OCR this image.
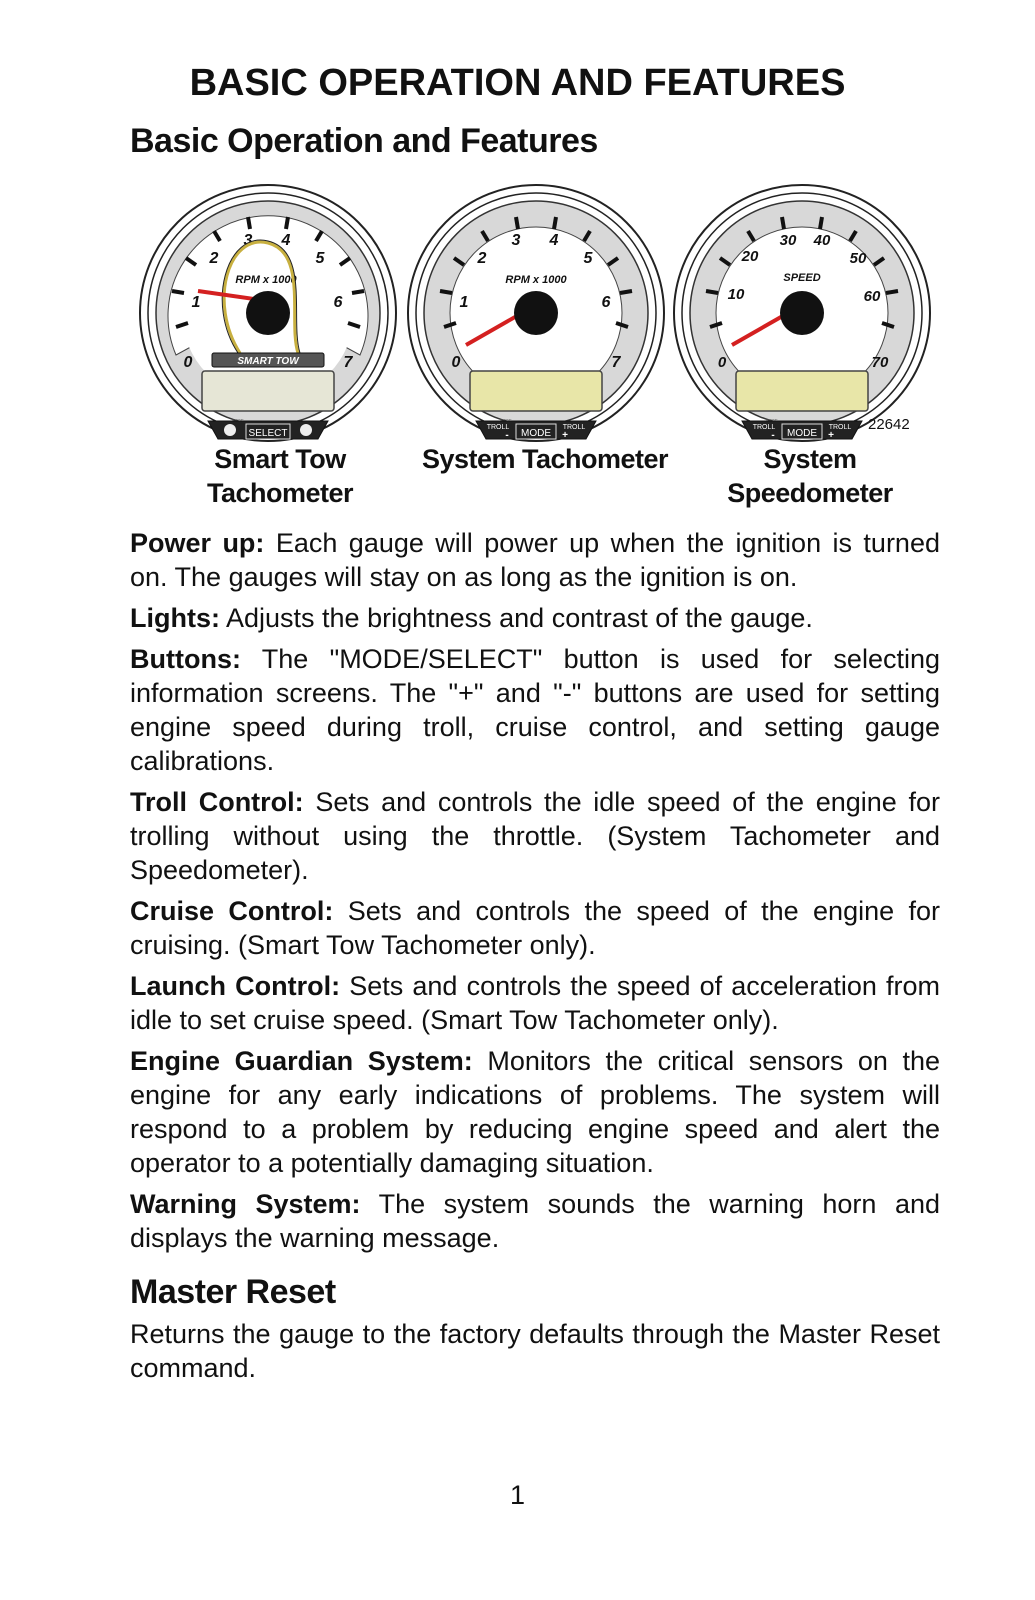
BASIC OPERATION AND FEATURES
Basic Operation and Features
0
1
2
3 4
5
6
7
RPM x 1000
SMART TOW
SELECT
0
1
2
3 4
5
6
7
RPM x 1000
MODE
TROLL
-
TROLL
+
0
10
20
30 40
50
60
70
SPEED
MODE
TROLL
-
TROLL
+
22642
Smart Tow
Tachometer
System Tachometer	System
Speedometer

Power up: Each gauge will power up when the ignition is turned on. The gauges will stay on as long as the ignition is on.

Lights: Adjusts the brightness and contrast of the gauge.

Buttons: The "MODE/SELECT" button is used for selecting information screens. The "+" and "-" buttons are used for setting engine speed during troll, cruise control, and setting gauge calibrations.

Troll Control: Sets and controls the idle speed of the engine for trolling without using the throttle. (System Tachometer and Speedometer).

Cruise Control: Sets and controls the speed of the engine for cruising. (Smart Tow Tachometer only).

Launch Control: Sets and controls the speed of acceleration from idle to set cruise speed. (Smart Tow Tachometer only).

Engine Guardian System: Monitors the critical sensors on the engine for any early indications of problems. The system will respond to a problem by reducing engine speed and alert the operator to a potentially damaging situation.

Warning System: The system sounds the warning horn and displays the warning message.

Master Reset

Returns the gauge to the factory defaults through the Master Reset command.

1
